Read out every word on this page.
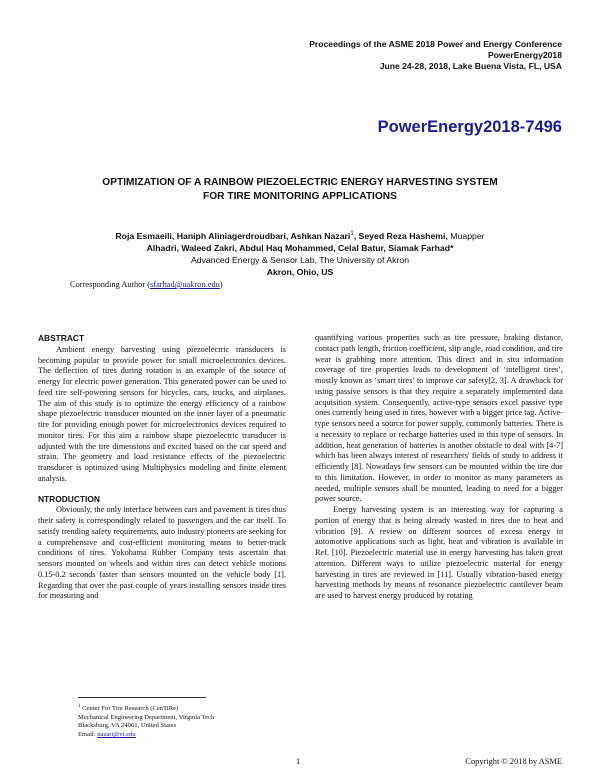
Proceedings of the ASME 2018 Power and Energy Conference
PowerEnergy2018
June 24-28, 2018, Lake Buena Vista, FL, USA
PowerEnergy2018-7496
OPTIMIZATION OF A RAINBOW PIEZOELECTRIC ENERGY HARVESTING SYSTEM
FOR TIRE MONITORING APPLICATIONS
Roja Esmaeili, Haniph Aliniagerdroudbari, Ashkan Nazari$^1$, Seyed Reza Hashemi, Muapper
Alhadri, Waleed Zakri, Abdul Haq Mohammed, Celal Batur, Siamak Farhad*
Advanced Energy & Sensor Lab, The University of Akron
Akron, Ohio, US
Corresponding Author (sfarhad@uakron.edu)
ABSTRACT

Ambient energy harvesting using piezoelectric transducers is becoming popular to provide power for small microelectronics devices. The deflection of tires during rotation is an example of the source of energy for electric power generation. This generated power can be used to feed tire self-powering sensors for bicycles, cars, trucks, and airplanes. The aim of this study is to optimize the energy efficiency of a rainbow shape piezoelectric transducer mounted on the inner layer of a pneumatic tire for providing enough power for microelectronics devices required to monitor tires. For this aim a rainbow shape piezoelectric transducer is adjusted with the tire dimensions and excited based on the car speed and strain. The geometry and load resistance effects of the piezoelectric transducer is optimized using Multiphysics modeling and finite element analysis.

NTRODUCTION

Obviously, the only interface between cars and pavement is tires thus their safety is correspondingly related to passengers and the car itself. To satisfy trending safety requirements, auto industry pioneers are seeking for a comprehensive and cost-efficient monitoring means to better-track conditions of tires. Yokohama Rubber Company tests ascertain that sensors mounted on wheels and within tires can detect vehicle motions 0.15-0.2 seconds faster than sensors mounted on the vehicle body [1]. Regarding that over the past couple of years installing sensors inside tires for measuring and

quantifying various properties such as tire pressure, braking distance, contact path length, friction coefficient, slip angle, road condition, and tire wear is grabbing more attention. This direct and in situ information coverage of tire properties leads to development of ‘intelligent tires’, mostly known as ‘smart tires’ to improve car safety[2, 3]. A drawback for using passive sensors is that they require a separately implemented data acquisition system. Consequently, active-type sensors excel passive type ones currently being used in tires, however with a bigger price tag. Active-type sensors need a source for power supply, commonly batteries. There is a necessity to replace or recharge batteries used in this type of sensors. In addition, heat generation of batteries is another obstacle to deal with [4-7] which has been always interest of researchers' fields of study to address it efficiently [8]. Nowadays few sensors can be mounted within the tire due to this limitation. However, in order to monitor as many parameters as needed, multiple sensors shall be mounted, leading to need for a bigger power source.

Energy harvesting system is an interesting way for capturing a portion of energy that is being already wasted in tires due to heat and vibration [9]. A review on different sources of excess energy in automotive applications such as light, heat and vibration is available in Ref. [10]. Piezoelectric material use in energy harvesting has taken great attention. Different ways to utilize piezoelectric material for energy harvesting in tires are reviewed in [11]. Usually vibration-based energy harvesting methods by means of resonance piezoelectric cantilever beam are used to harvest energy produced by rotating

$^1$ Center For Tire Research (CenTiRe)
Mechanical Engineering Department, Virginia Tech
Blacksburg, VA 24061, United States
Email: nazari@vt.edu
1	Copyright © 2018 by ASME
